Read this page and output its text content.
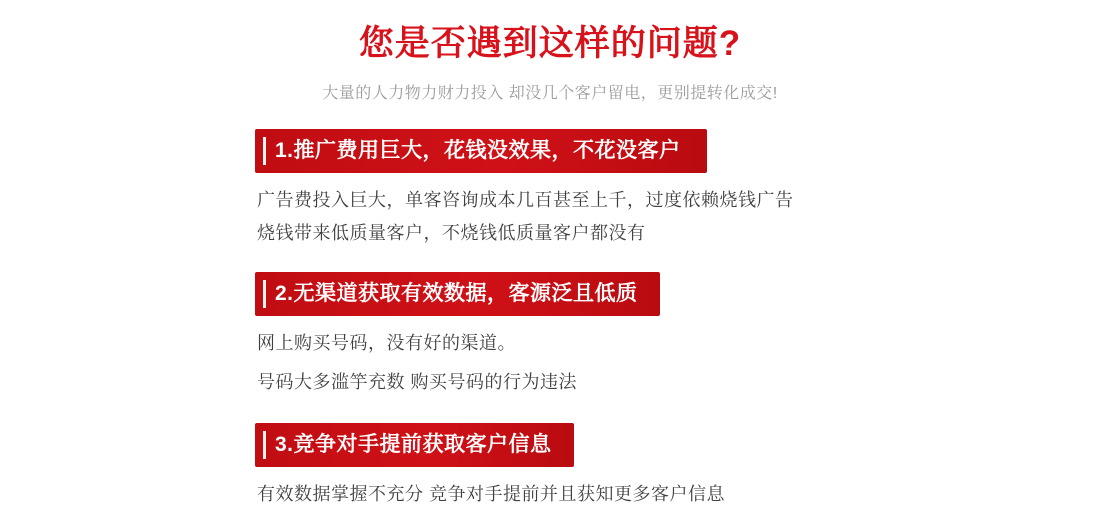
您是否遇到这样的问题?

大量的人力物力财力投入 却没几个客户留电，更别提转化成交!

1.推广费用巨大，花钱没效果，不花没客户

广告费投入巨大，单客咨询成本几百甚至上千，过度依赖烧钱广告

烧钱带来低质量客户，不烧钱低质量客户都没有

2.无渠道获取有效数据，客源泛且低质

网上购买号码，没有好的渠道。

号码大多滥竽充数 购买号码的行为违法

3.竞争对手提前获取客户信息

有效数据掌握不充分 竞争对手提前并且获知更多客户信息
